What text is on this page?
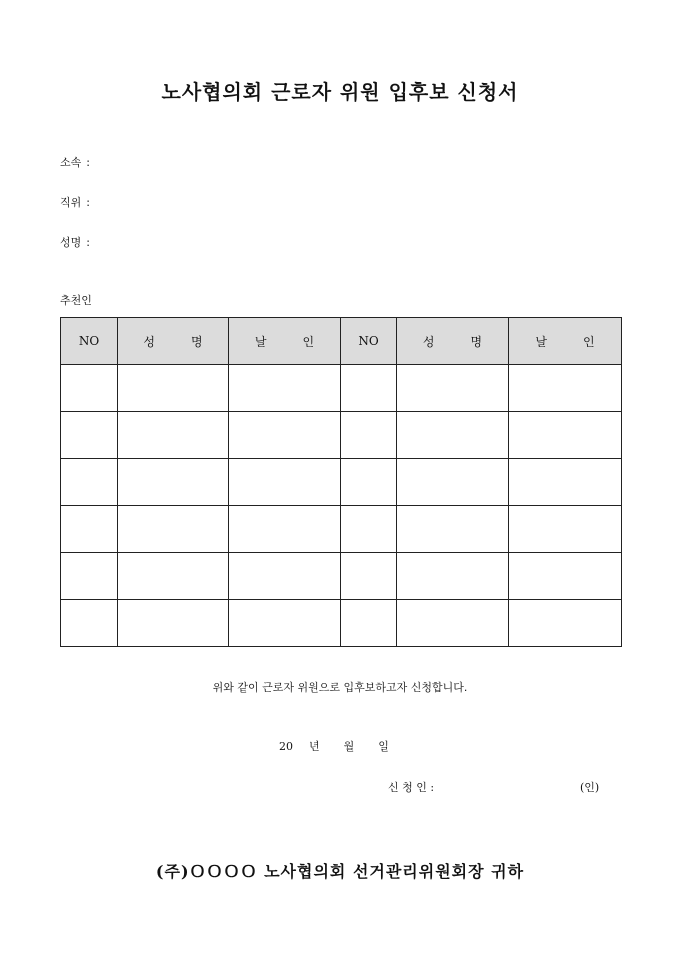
노사협의회 근로자 위원 입후보 신청서
소속 :
직위 :
성명 :
추천인
NO	성 명	날 인	NO	성 명	날 인

위와 같이 근로자 위원으로 입후보하고자 신청합니다.
20 년 월 일
신 청 인 :	(인)
(주)ＯＯＯＯ 노사협의회 선거관리위원회장 귀하
